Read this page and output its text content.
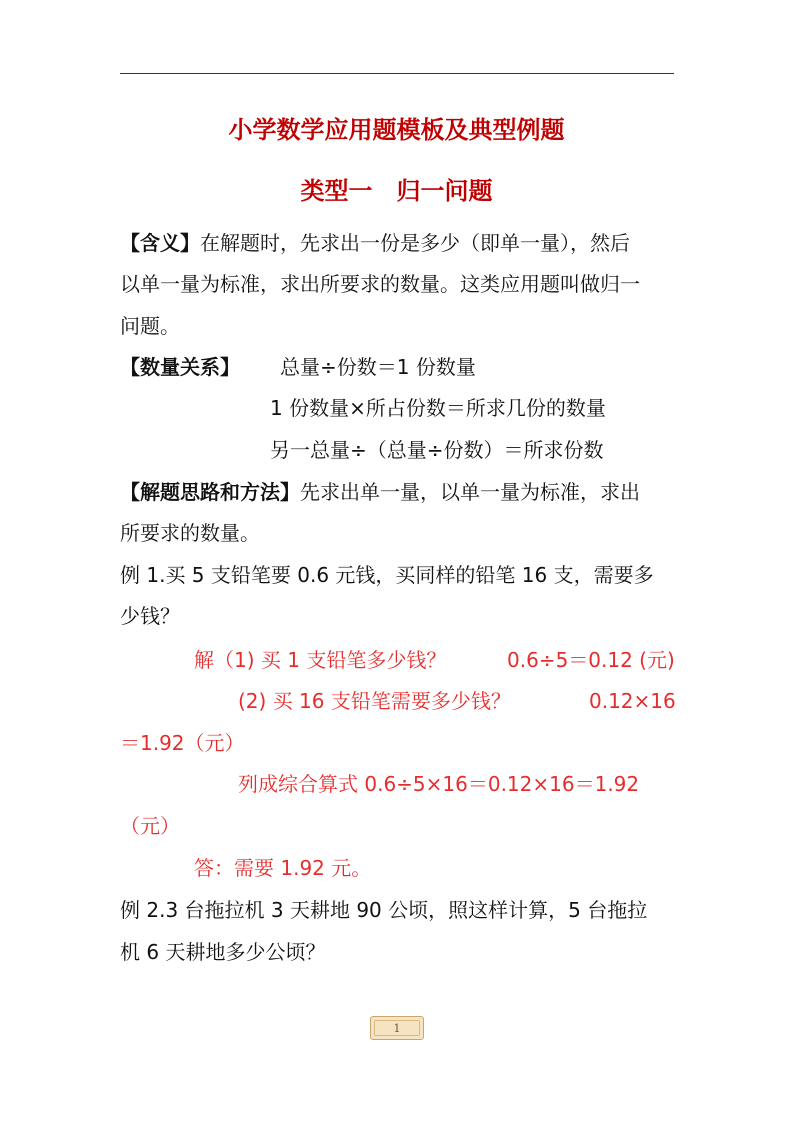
小学数学应用题模板及典型例题
类型一　归一问题
【含义】在解题时，先求出一份是多少（即单一量），然后
以单一量为标准，求出所要求的数量。这类应用题叫做归一
问题。
【数量关系】 总量÷份数＝1 份数量
1 份数量×所占份数＝所求几份的数量
另一总量÷（总量÷份数）＝所求份数
【解题思路和方法】先求出单一量，以单一量为标准，求出
所要求的数量。
例 1.买 5 支铅笔要 0.6 元钱，买同样的铅笔 16 支，需要多
少钱？
解（1) 买 1 支铅笔多少钱？	0.6÷5＝0.12 (元)
(2) 买 16 支铅笔需要多少钱？	0.12×16
＝1.92（元）
列成综合算式 0.6÷5×16＝0.12×16＝1.92
（元）
答：需要 1.92 元。
例 2.3 台拖拉机 3 天耕地 90 公顷，照这样计算，5 台拖拉
机 6 天耕地多少公顷？
1
